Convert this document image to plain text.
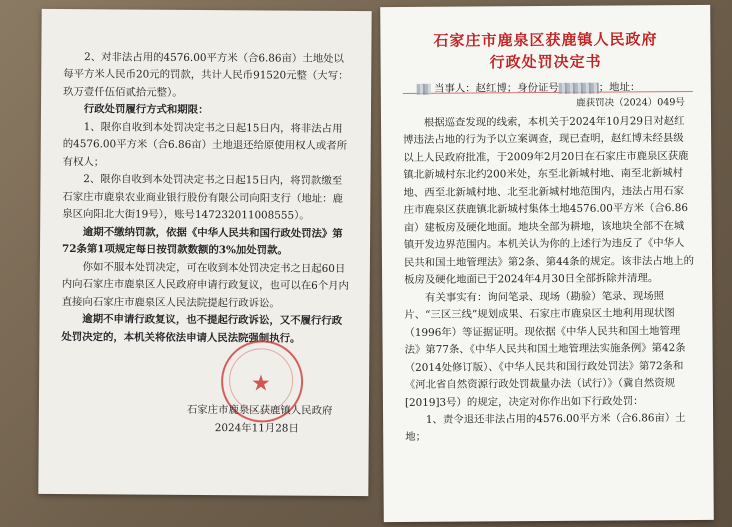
2、对非法占用的4576.00平方米（合6.86亩）土地处以每平方米人民币20元的罚款，共计人民币91520元整（大写：玖万壹仟伍佰贰拾元整）。

行政处罚履行方式和期限：

1、限你自收到本处罚决定书之日起15日内，将非法占用的4576.00平方米（合6.86亩）土地退还给原使用权人或者所有权人；

2、限你自收到本处罚决定书之日起15日内，将罚款缴至石家庄市鹿泉农业商业银行股份有限公司向阳支行（地址：鹿泉区向阳北大街19号），账号147232011008555）。

逾期不缴纳罚款，依据《中华人民共和国行政处罚法》第72条第1项规定每日按罚款数额的3%加处罚款。

你如不服本处罚决定，可在收到本处罚决定书之日起60日内向石家庄市鹿泉区人民政府申请行政复议，也可以在6个月内直接向石家庄市鹿泉区人民法院提起行政诉讼。

逾期不申请行政复议，也不提起行政诉讼，又不履行行政处罚决定的，本机关将依法申请人民法院强制执行。

★
石家庄市鹿泉区获鹿镇人民政府
2024年11月28日
石家庄市鹿泉区获鹿镇人民政府
行政处罚决定书
鹿获罚决（2024）049号
当事人：赵红博；身份证号	；地址：

根据巡查发现的线索，本机关于2024年10月29日对赵红博违法占地的行为予以立案调查，现已查明，赵红博未经县级以上人民政府批准，于2009年2月20日在石家庄市鹿泉区获鹿镇北新城村东北约200米处，东至北新城村地、南至北新城村地、西至北新城村地、北至北新城村地范围内，违法占用石家庄市鹿泉区获鹿镇北新城村集体土地4576.00平方米（合6.86亩）建板房及硬化地面。地块全部为耕地，该地块全部不在城镇开发边界范围内。本机关认为你的上述行为违反了《中华人民共和国土地管理法》第2条、第44条的规定。该非法占地上的板房及硬化地面已于2024年4月30日全部拆除并清理。

有关事实有：询问笔录、现场（勘验）笔录、现场照片、“三区三线”规划成果、石家庄市鹿泉区土地利用现状图（1996年）等证据证明。现依据《中华人民共和国土地管理法》第77条、《中华人民共和国土地管理法实施条例》第42条（2014处修订版）、《中华人民共和国行政处罚法》第72条和《河北省自然资源行政处罚裁量办法（试行）》（冀自然资规[2019]3号）的规定，决定对你作出如下行政处罚：

1、责令退还非法占用的4576.00平方米（合6.86亩）土地；
